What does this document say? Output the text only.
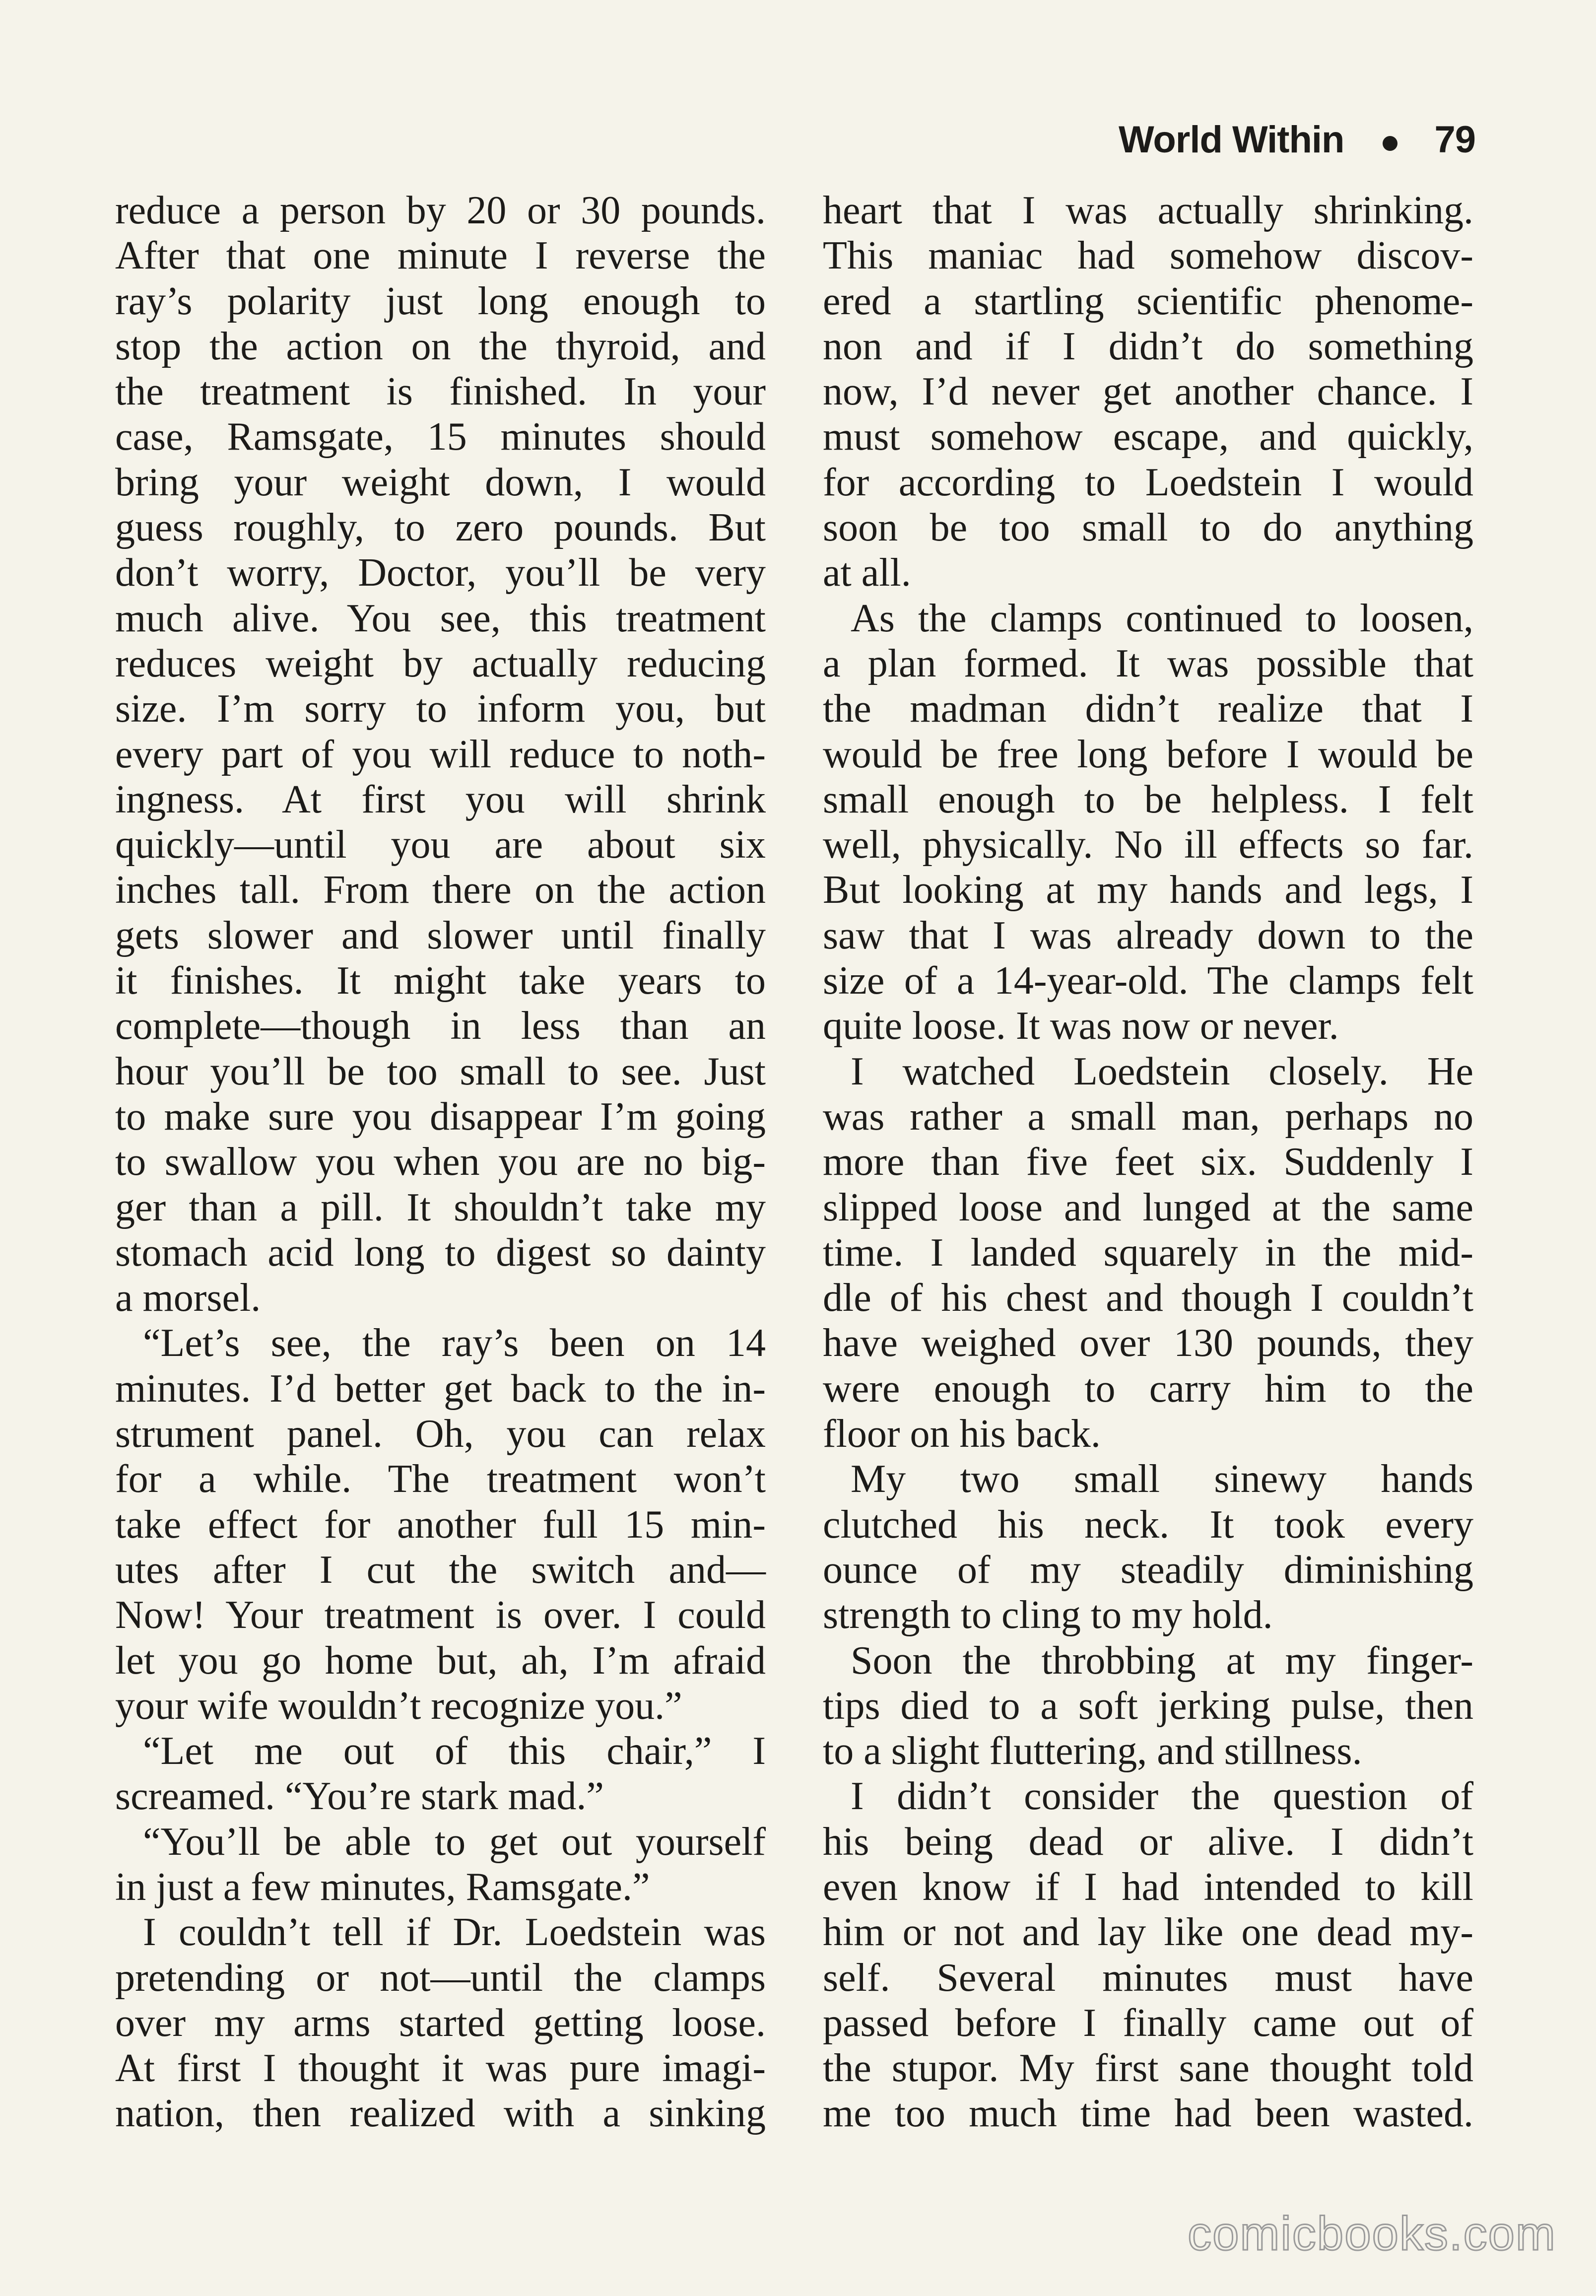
World Within 79

reduce a person by 20 or 30 pounds.
After that one minute I reverse the
ray’s polarity just long enough to
stop the action on the thyroid, and
the treatment is finished. In your
case, Ramsgate, 15 minutes should
bring your weight down, I would
guess roughly, to zero pounds. But
don’t worry, Doctor, you’ll be very
much alive. You see, this treatment
reduces weight by actually reducing
size. I’m sorry to inform you, but
every part of you will reduce to noth-
ingness. At first you will shrink
quickly—until you are about six
inches tall. From there on the action
gets slower and slower until finally
it finishes. It might take years to
complete—though in less than an
hour you’ll be too small to see. Just
to make sure you disappear I’m going
to swallow you when you are no big-
ger than a pill. It shouldn’t take my
stomach acid long to digest so dainty
a morsel.
“Let’s see, the ray’s been on 14
minutes. I’d better get back to the in-
strument panel. Oh, you can relax
for a while. The treatment won’t
take effect for another full 15 min-
utes after I cut the switch and—
Now! Your treatment is over. I could
let you go home but, ah, I’m afraid
your wife wouldn’t recognize you.”
“Let me out of this chair,” I
screamed. “You’re stark mad.”
“You’ll be able to get out yourself
in just a few minutes, Ramsgate.”
I couldn’t tell if Dr. Loedstein was
pretending or not—until the clamps
over my arms started getting loose.
At first I thought it was pure imagi-
nation, then realized with a sinking

heart that I was actually shrinking.
This maniac had somehow discov-
ered a startling scientific phenome-
non and if I didn’t do something
now, I’d never get another chance. I
must somehow escape, and quickly,
for according to Loedstein I would
soon be too small to do anything
at all.
As the clamps continued to loosen,
a plan formed. It was possible that
the madman didn’t realize that I
would be free long before I would be
small enough to be helpless. I felt
well, physically. No ill effects so far.
But looking at my hands and legs, I
saw that I was already down to the
size of a 14-year-old. The clamps felt
quite loose. It was now or never.
I watched Loedstein closely. He
was rather a small man, perhaps no
more than five feet six. Suddenly I
slipped loose and lunged at the same
time. I landed squarely in the mid-
dle of his chest and though I couldn’t
have weighed over 130 pounds, they
were enough to carry him to the
floor on his back.
My two small sinewy hands
clutched his neck. It took every
ounce of my steadily diminishing
strength to cling to my hold.
Soon the throbbing at my finger-
tips died to a soft jerking pulse, then
to a slight fluttering, and stillness.
I didn’t consider the question of
his being dead or alive. I didn’t
even know if I had intended to kill
him or not and lay like one dead my-
self. Several minutes must have
passed before I finally came out of
the stupor. My first sane thought told
me too much time had been wasted.

comicbooks.com
